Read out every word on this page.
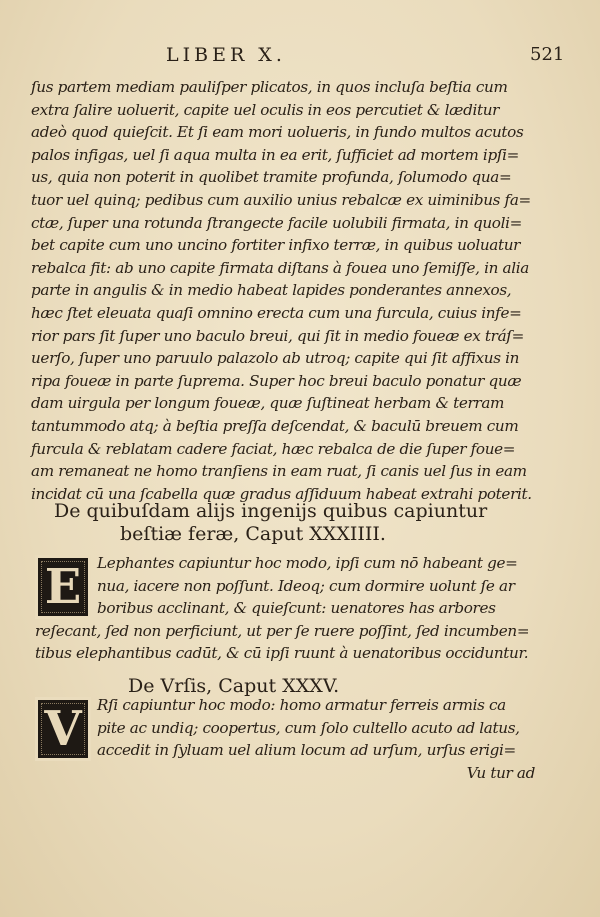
LIBER X.	521
ſus partem mediam pauliſper plicatos, in quos incluſa beſtia cum
extra ſalire uoluerit, capite uel oculis in eos percutiet & læditur
adeò quod quieſcit. Et ſi eam mori uolueris, in fundo multos acutos
palos infigas, uel ſi aqua multa in ea erit, ſufficiet ad mortem ipſi=
us, quia non poterit in quolibet tramite profunda, ſolumodo qua=
tuor uel quinq; pedibus cum auxilio unius rebalcæ ex uiminibus fa=
ctæ, ſuper una rotunda ſtrangecte facile uolubili firmata, in quoli=
bet capite cum uno uncino fortiter infixo terræ, in quibus uoluatur
rebalca fit: ab uno capite firmata diſtans à fouea uno ſemiſſe, in alia
parte in angulis & in medio habeat lapides ponderantes annexos,
hæc ſtet eleuata quaſi omnino erecta cum una furcula, cuius infe=
rior pars ſit ſuper uno baculo breui, qui ſit in medio foueæ ex tráſ=
uerſo, ſuper uno paruulo palazolo ab utroq; capite qui ſit affixus in
ripa foueæ in parte ſuprema. Super hoc breui baculo ponatur quæ
dam uirgula per longum foueæ, quæ ſuſtineat herbam & terram
tantummodo atq; à beſtia preſſa deſcendat, & baculū breuem cum
furcula & reblatam cadere faciat, hæc rebalca de die ſuper foue=
am remaneat ne homo tranſiens in eam ruat, ſi canis uel ſus in eam
incidat cū una ſcabella quæ gradus aſſiduum habeat extrahi poterit.
De quibuſdam alijs ingenijs quibus capiuntur
beſtiæ feræ, Caput XXXIIII.
E	Lephantes capiuntur hoc modo, ipſi cum nō habeant ge=
nua, iacere non poſſunt. Ideoq; cum dormire uolunt ſe ar
boribus acclinant, & quieſcunt: uenatores has arbores
reſecant, ſed non perficiunt, ut per ſe ruere poſſint, ſed incumben=
tibus elephantibus cadūt, & cū ipſi ruunt à uenatoribus occiduntur.
De Vrſis, Caput XXXV.
V	Rſi capiuntur hoc modo: homo armatur ferreis armis ca
pite ac undiq; coopertus, cum ſolo cultello acuto ad latus,
accedit in ſyluam uel alium locum ad urſum, urſus erigi=
Vu tur ad
